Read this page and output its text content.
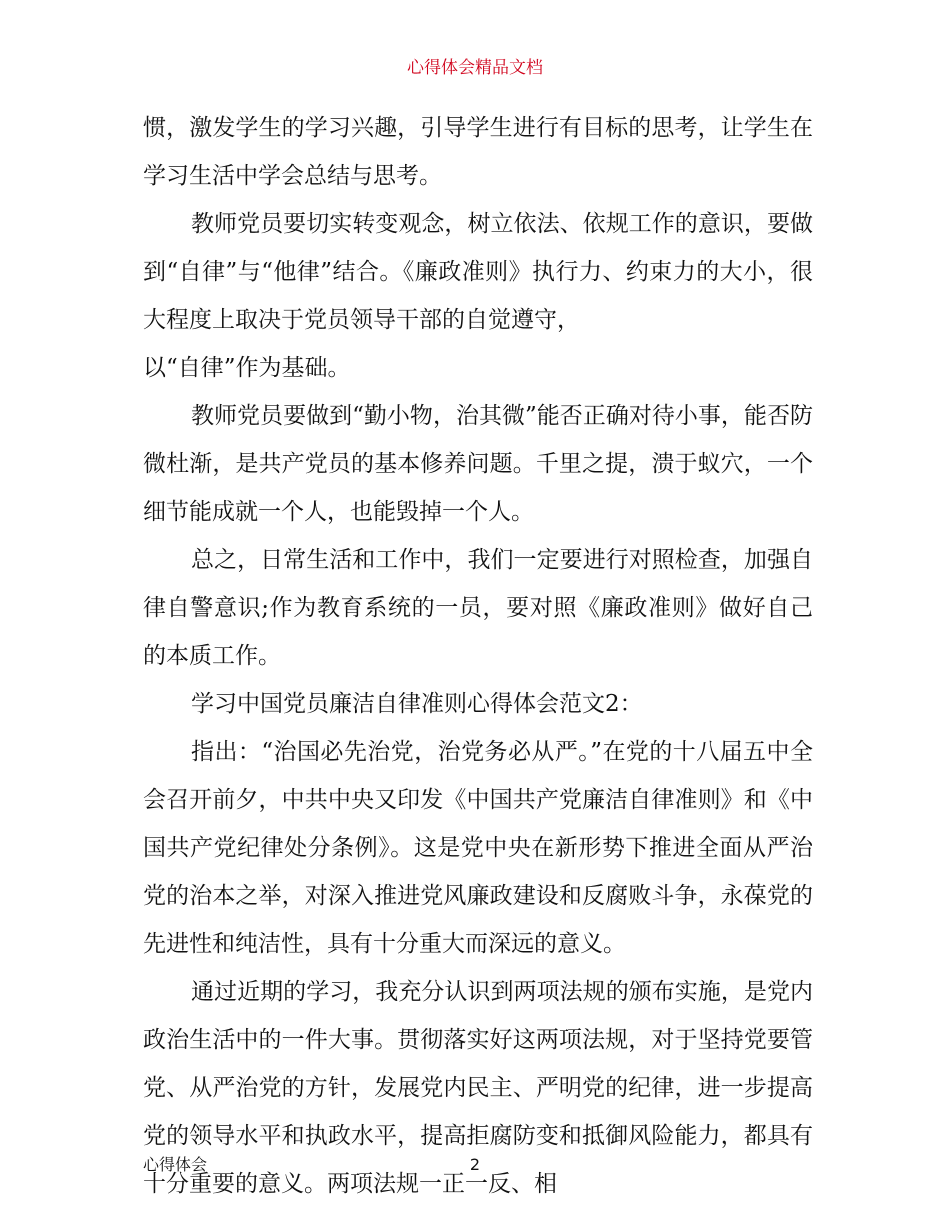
心得体会精品文档

惯，激发学生的学习兴趣，引导学生进行有目标的思考，让学生在学习生活中学会总结与思考。

教师党员要切实转变观念，树立依法、依规工作的意识，要做到“自律”与“他律”结合。《廉政准则》执行力、约束力的大小，很大程度上取决于党员领导干部的自觉遵守，

以“自律”作为基础。

教师党员要做到“勤小物，治其微”能否正确对待小事，能否防微杜渐，是共产党员的基本修养问题。千里之提，溃于蚁穴，一个细节能成就一个人，也能毁掉一个人。

总之，日常生活和工作中，我们一定要进行对照检查，加强自律自警意识;作为教育系统的一员，要对照《廉政准则》做好自己的本质工作。

学习中国党员廉洁自律准则心得体会范文2：

指出：“治国必先治党，治党务必从严。”在党的十八届五中全会召开前夕，中共中央又印发《中国共产党廉洁自律准则》和《中国共产党纪律处分条例》。这是党中央在新形势下推进全面从严治党的治本之举，对深入推进党风廉政建设和反腐败斗争，永葆党的先进性和纯洁性，具有十分重大而深远的意义。

通过近期的学习，我充分认识到两项法规的颁布实施，是党内政治生活中的一件大事。贯彻落实好这两项法规，对于坚持党要管党、从严治党的方针，发展党内民主、严明党的纪律，进一步提高党的领导水平和执政水平，提高拒腐防变和抵御风险能力，都具有十分重要的意义。两项法规一正一反、相

心得体会	2
